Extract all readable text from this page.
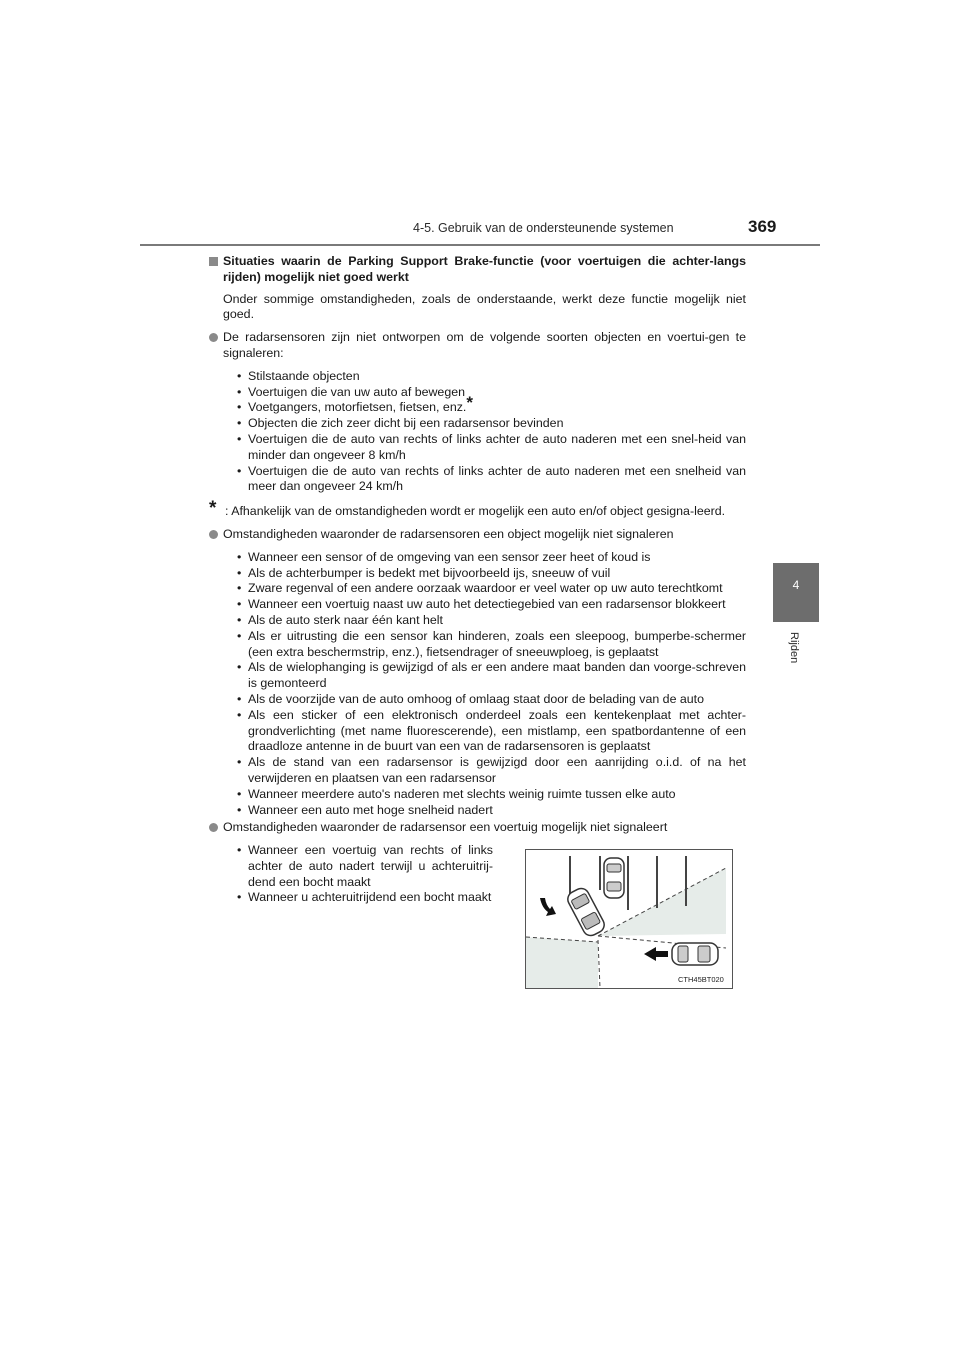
4-5. Gebruik van de ondersteunende systemen	369
4
Rijden
Situaties waarin de Parking Support Brake-functie (voor voertuigen die achter-langs rijden) mogelijk niet goed werkt
Onder sommige omstandigheden, zoals de onderstaande, werkt deze functie mogelijk niet goed.
De radarsensoren zijn niet ontworpen om de volgende soorten objecten en voertui-gen te signaleren:
• Stilstaande objecten
• Voertuigen die van uw auto af bewegen
• Voetgangers, motorfietsen, fietsen, enz.*
• Objecten die zich zeer dicht bij een radarsensor bevinden
• Voertuigen die de auto van rechts of links achter de auto naderen met een snel-heid van minder dan ongeveer 8 km/h
• Voertuigen die de auto van rechts of links achter de auto naderen met een snelheid van meer dan ongeveer 24 km/h
* : Afhankelijk van de omstandigheden wordt er mogelijk een auto en/of object gesigna-leerd.
Omstandigheden waaronder de radarsensoren een object mogelijk niet signaleren
• Wanneer een sensor of de omgeving van een sensor zeer heet of koud is
• Als de achterbumper is bedekt met bijvoorbeeld ijs, sneeuw of vuil
• Zware regenval of een andere oorzaak waardoor er veel water op uw auto terechtkomt
• Wanneer een voertuig naast uw auto het detectiegebied van een radarsensor blokkeert
• Als de auto sterk naar één kant helt
• Als er uitrusting die een sensor kan hinderen, zoals een sleepoog, bumperbe-schermer (een extra beschermstrip, enz.), fietsendrager of sneeuwploeg, is geplaatst
• Als de wielophanging is gewijzigd of als er een andere maat banden dan voorge-schreven is gemonteerd
• Als de voorzijde van de auto omhoog of omlaag staat door de belading van de auto
• Als een sticker of een elektronisch onderdeel zoals een kentekenplaat met achter-grondverlichting (met name fluorescerende), een mistlamp, een spatbordantenne of een draadloze antenne in de buurt van een van de radarsensoren is geplaatst
• Als de stand van een radarsensor is gewijzigd door een aanrijding o.i.d. of na het verwijderen en plaatsen van een radarsensor
• Wanneer meerdere auto's naderen met slechts weinig ruimte tussen elke auto
• Wanneer een auto met hoge snelheid nadert
Omstandigheden waaronder de radarsensor een voertuig mogelijk niet signaleert
• Wanneer een voertuig van rechts of links achter de auto nadert terwijl u achteruitrij-dend een bocht maakt
• Wanneer u achteruitrijdend een bocht maakt
CTH45BT020
